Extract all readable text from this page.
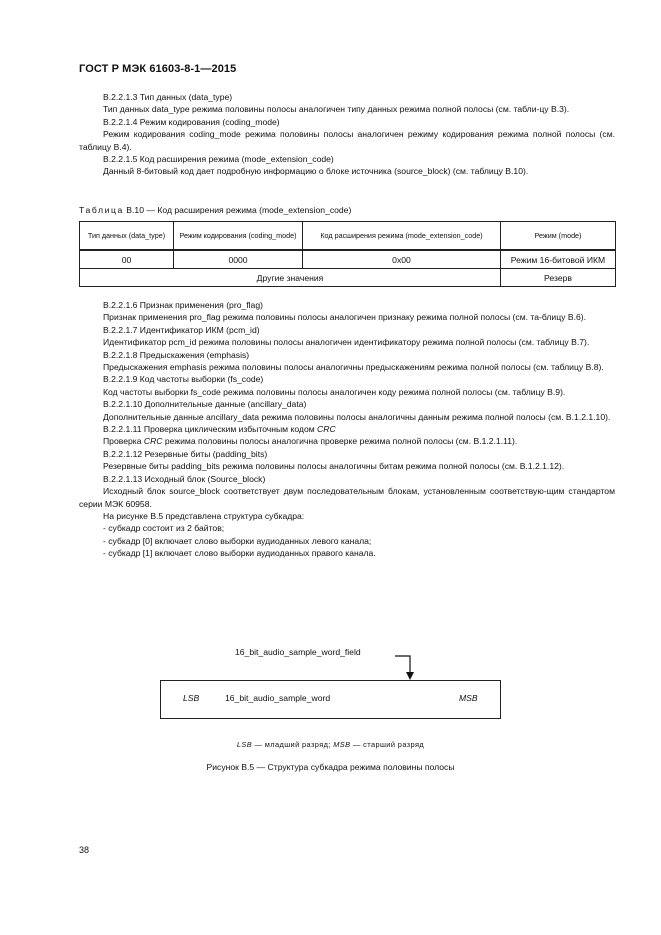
ГОСТ Р МЭК 61603-8-1—2015

B.2.2.1.3 Тип данных (data_type)

Тип данных data_type режима половины полосы аналогичен типу данных режима полной полосы (см. табли-цу В.3).

B.2.2.1.4 Режим кодирования (coding_mode)

Режим кодирования coding_mode режима половины полосы аналогичен режиму кодирования режима полной полосы (см. таблицу В.4).

B.2.2.1.5 Код расширения режима (mode_extension_code)

Данный 8-битовый код дает подробную информацию о блоке источника (source_block) (см. таблицу В.10).

Таблица В.10 — Код расширения режима (mode_extension_code)
Тип данных (data_type)	Режим кодирования (coding_mode)	Код расширения режима (mode_extension_code)	Режим (mode)
00	0000	0x00	Режим 16-битовой ИКМ
Другие значения			Резерв

B.2.2.1.6 Признак применения (pro_flag)

Признак применения pro_flag режима половины полосы аналогичен признаку режима полной полосы (см. та-блицу В.6).

B.2.2.1.7 Идентификатор ИКМ (pcm_id)

Идентификатор pcm_id режима половины полосы аналогичен идентификатору режима полной полосы (см. таблицу В.7).

B.2.2.1.8 Предыскажения (emphasis)

Предыскажения emphasis режима половины полосы аналогичны предыскажениям режима полной полосы (см. таблицу В.8).

B.2.2.1.9 Код частоты выборки (fs_code)

Код частоты выборки fs_code режима половины полосы аналогичен коду режима полной полосы (см. таблицу В.9).

B.2.2.1.10 Дополнительные данные (ancillary_data)

Дополнительные данные ancillary_data режима половины полосы аналогичны данным режима полной полосы (см. В.1.2.1.10).

B.2.2.1.11 Проверка циклическим избыточным кодом CRC

Проверка CRC режима половины полосы аналогична проверке режима полной полосы (см. В.1.2.1.11).

B.2.2.1.12 Резервные биты (padding_bits)

Резервные биты padding_bits режима половины полосы аналогичны битам режима полной полосы (см. В.1.2.1.12).

B.2.2.1.13 Исходный блок (Source_block)

Исходный блок source_block соответствует двум последовательным блокам, установленным соответствую-щим стандартом серии МЭК 60958.

На рисунке В.5 представлена структура субкадра:

- субкадр состоит из 2 байтов;
- субкадр [0] включает слово выборки аудиоданных левого канала;
- субкадр [1] включает слово выборки аудиоданных правого канала.
16_bit_audio_sample_word_field
LSB	16_bit_audio_sample_word	MSB
LSB — младший разряд; MSB — старший разряд
Рисунок В.5 — Структура субкадра режима половины полосы
38
